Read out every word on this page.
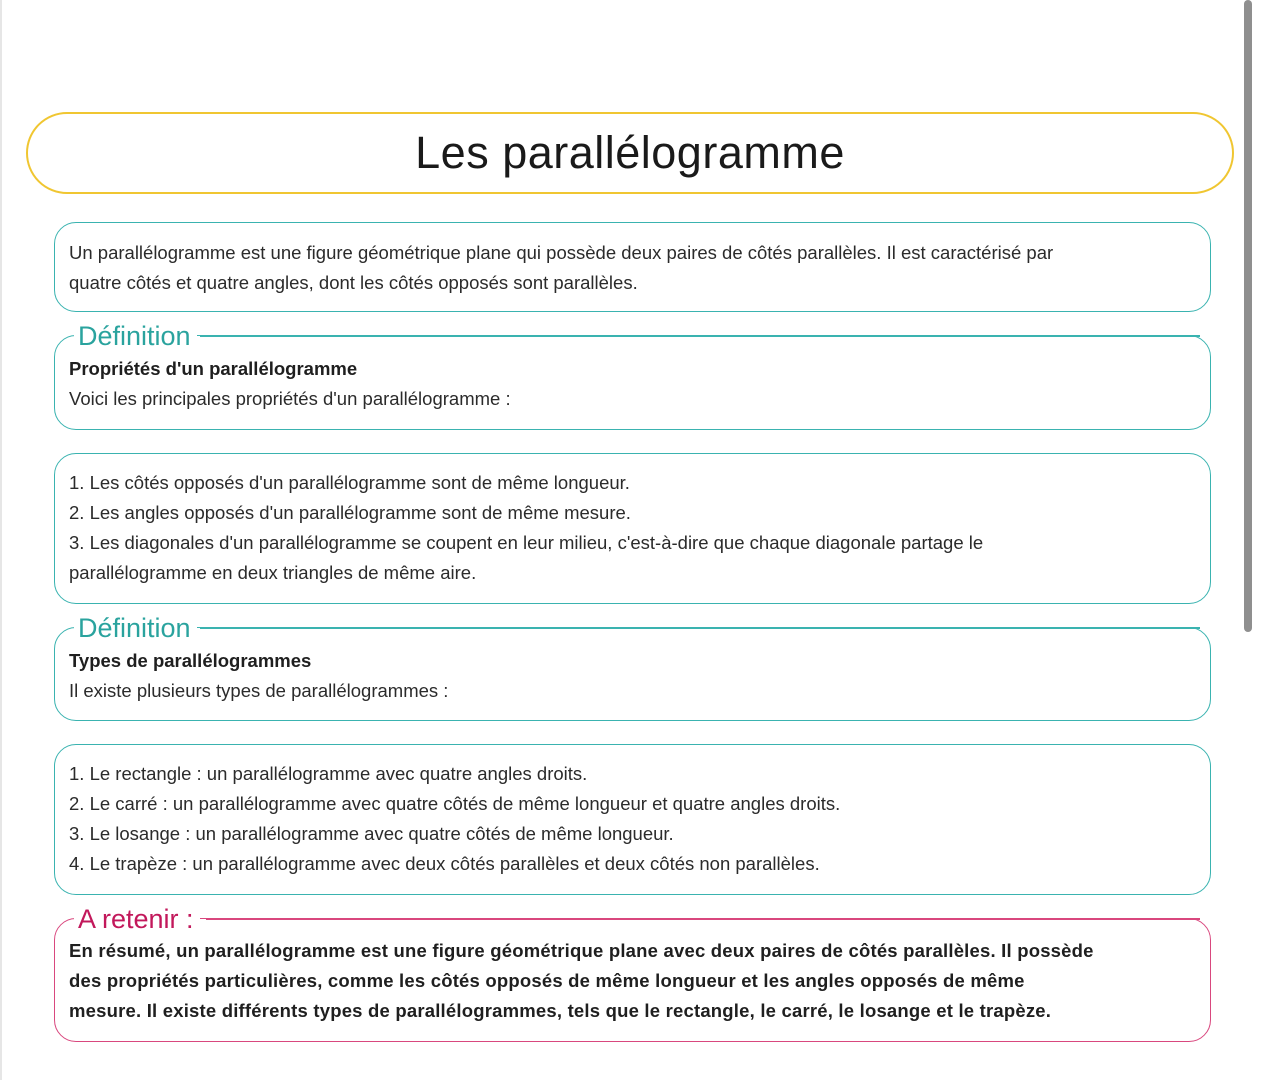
Les parallélogramme

Un parallélogramme est une figure géométrique plane qui possède deux paires de côtés parallèles. Il est caractérisé par

quatre côtés et quatre angles, dont les côtés opposés sont parallèles.

Définition

Propriétés d'un parallélogramme

Voici les principales propriétés d'un parallélogramme :

1. Les côtés opposés d'un parallélogramme sont de même longueur.

2. Les angles opposés d'un parallélogramme sont de même mesure.

3. Les diagonales d'un parallélogramme se coupent en leur milieu, c'est-à-dire que chaque diagonale partage le

parallélogramme en deux triangles de même aire.

Définition

Types de parallélogrammes

Il existe plusieurs types de parallélogrammes :

1. Le rectangle : un parallélogramme avec quatre angles droits.

2. Le carré : un parallélogramme avec quatre côtés de même longueur et quatre angles droits.

3. Le losange : un parallélogramme avec quatre côtés de même longueur.

4. Le trapèze : un parallélogramme avec deux côtés parallèles et deux côtés non parallèles.

A retenir :

En résumé, un parallélogramme est une figure géométrique plane avec deux paires de côtés parallèles. Il possède

des propriétés particulières, comme les côtés opposés de même longueur et les angles opposés de même

mesure. Il existe différents types de parallélogrammes, tels que le rectangle, le carré, le losange et le trapèze.
